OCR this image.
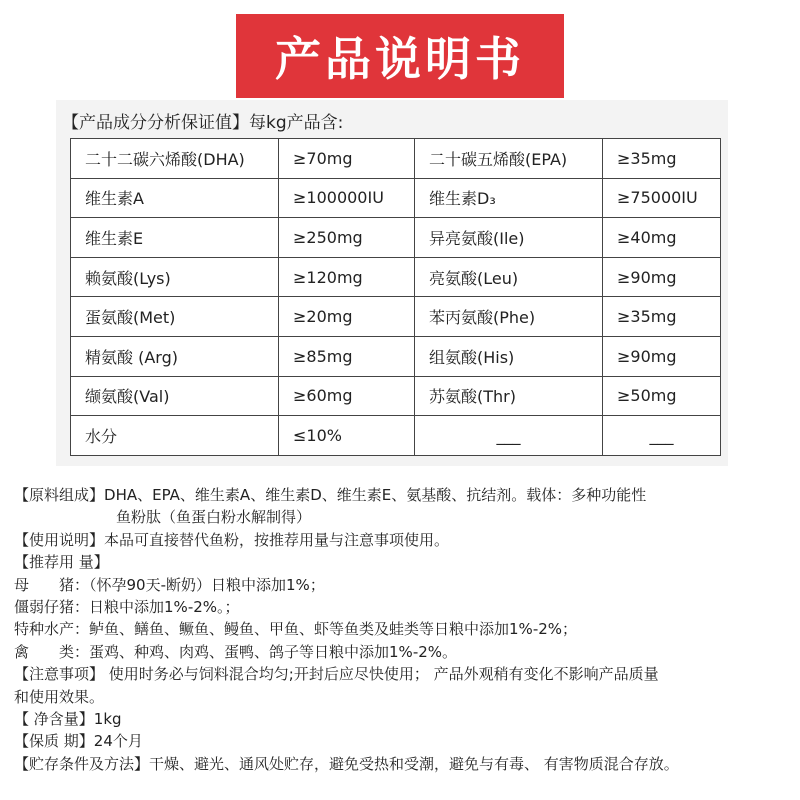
产品说明书
【产品成分分析保证值】每kg产品含:
二十二碳六烯酸(DHA)	≥70mg	二十碳五烯酸(EPA)	≥35mg
维生素A	≥100000IU	维生素D₃	≥75000IU
维生素E	≥250mg	异亮氨酸(Ile)	≥40mg
赖氨酸(Lys)	≥120mg	亮氨酸(Leu)	≥90mg
蛋氨酸(Met)	≥20mg	苯丙氨酸(Phe)	≥35mg
精氨酸 (Arg)	≥85mg	组氨酸(His)	≥90mg
缬氨酸(Val)	≥60mg	苏氨酸(Thr)	≥50mg
水分	≤10%	___	___
【原料组成】DHA、EPA、维生素A、维生素D、维生素E、氨基酸、抗结剂。载体：多种功能性
鱼粉肽（鱼蛋白粉水解制得）
【使用说明】本品可直接替代鱼粉，按推荐用量与注意事项使用。
【推荐用 量】
母　　猪：（怀孕90天-断奶）日粮中添加1%；
僵弱仔猪：日粮中添加1%-2%。；
特种水产：鲈鱼、鳝鱼、鳜鱼、鳗鱼、甲鱼、虾等鱼类及蛙类等日粮中添加1%-2%；
禽　　类：蛋鸡、种鸡、肉鸡、蛋鸭、鸽子等日粮中添加1%-2%。
【注意事项】 使用时务必与饲料混合均匀;开封后应尽快使用； 产品外观稍有变化不影响产品质量
和使用效果。
【 净含量】1kg
【保质 期】24个月
【贮存条件及方法】干燥、避光、通风处贮存，避免受热和受潮，避免与有毒、 有害物质混合存放。
